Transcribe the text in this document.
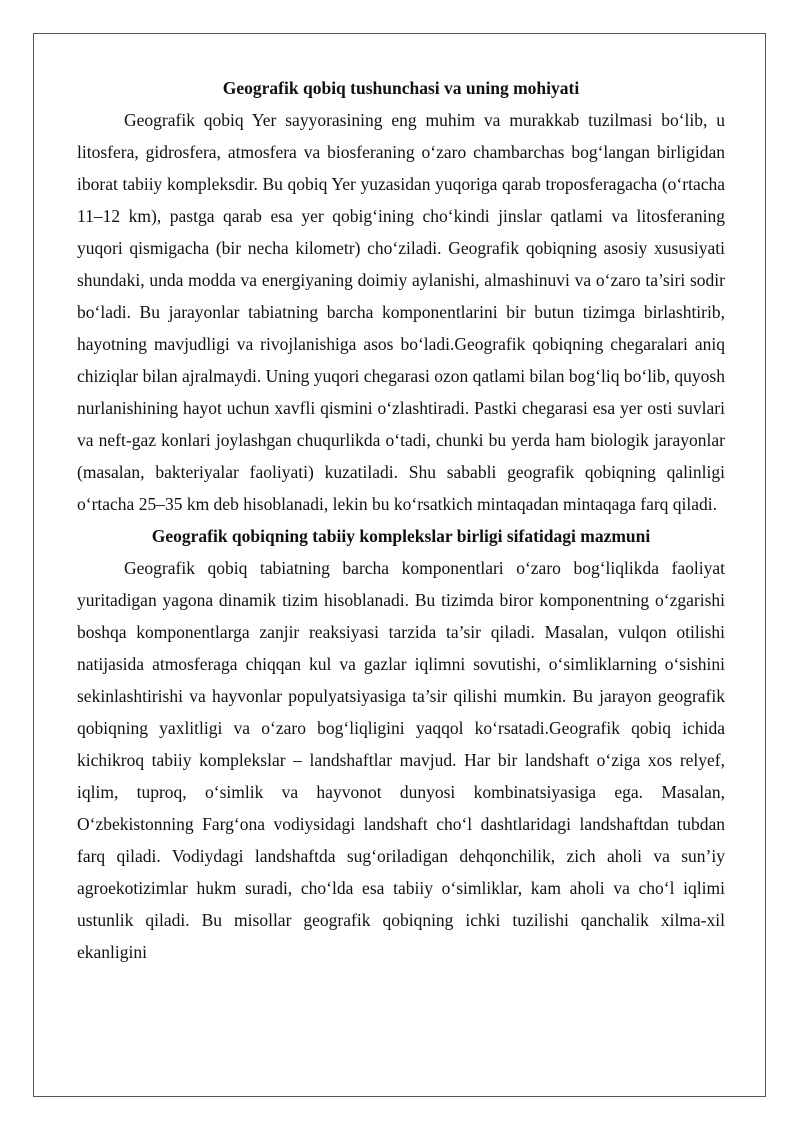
Geografik qobiq tushunchasi va uning mohiyati

Geografik qobiq Yer sayyorasining eng muhim va murakkab tuzilmasi bo‘lib, u litosfera, gidrosfera, atmosfera va biosferaning o‘zaro chambarchas bog‘langan birligidan iborat tabiiy kompleksdir. Bu qobiq Yer yuzasidan yuqoriga qarab troposferagacha (o‘rtacha 11–12 km), pastga qarab esa yer qobig‘ining cho‘kindi jinslar qatlami va litosferaning yuqori qismigacha (bir necha kilometr) cho‘ziladi. Geografik qobiqning asosiy xususiyati shundaki, unda modda va energiyaning doimiy aylanishi, almashinuvi va o‘zaro ta’siri sodir bo‘ladi. Bu jarayonlar tabiatning barcha komponentlarini bir butun tizimga birlashtirib, hayotning mavjudligi va rivojlanishiga asos bo‘ladi.Geografik qobiqning chegaralari aniq chiziqlar bilan ajralmaydi. Uning yuqori chegarasi ozon qatlami bilan bog‘liq bo‘lib, quyosh nurlanishining hayot uchun xavfli qismini o‘zlashtiradi. Pastki chegarasi esa yer osti suvlari va neft-gaz konlari joylashgan chuqurlikda o‘tadi, chunki bu yerda ham biologik jarayonlar (masalan, bakteriyalar faoliyati) kuzatiladi. Shu sababli geografik qobiqning qalinligi o‘rtacha 25–35 km deb hisoblanadi, lekin bu ko‘rsatkich mintaqadan mintaqaga farq qiladi.

Geografik qobiqning tabiiy komplekslar birligi sifatidagi mazmuni

Geografik qobiq tabiatning barcha komponentlari o‘zaro bog‘liqlikda faoliyat yuritadigan yagona dinamik tizim hisoblanadi. Bu tizimda biror komponentning o‘zgarishi boshqa komponentlarga zanjir reaksiyasi tarzida ta’sir qiladi. Masalan, vulqon otilishi natijasida atmosferaga chiqqan kul va gazlar iqlimni sovutishi, o‘simliklarning o‘sishini sekinlashtirishi va hayvonlar populyatsiyasiga ta’sir qilishi mumkin. Bu jarayon geografik qobiqning yaxlitligi va o‘zaro bog‘liqligini yaqqol ko‘rsatadi.Geografik qobiq ichida kichikroq tabiiy komplekslar – landshaftlar mavjud. Har bir landshaft o‘ziga xos relyef, iqlim, tuproq, o‘simlik va hayvonot dunyosi kombinatsiyasiga ega. Masalan, O‘zbekistonning Farg‘ona vodiysidagi landshaft cho‘l dashtlaridagi landshaftdan tubdan farq qiladi. Vodiydagi landshaftda sug‘oriladigan dehqonchilik, zich aholi va sun’iy agroekotizimlar hukm suradi, cho‘lda esa tabiiy o‘simliklar, kam aholi va cho‘l iqlimi ustunlik qiladi. Bu misollar geografik qobiqning ichki tuzilishi qanchalik xilma-xil ekanligini
